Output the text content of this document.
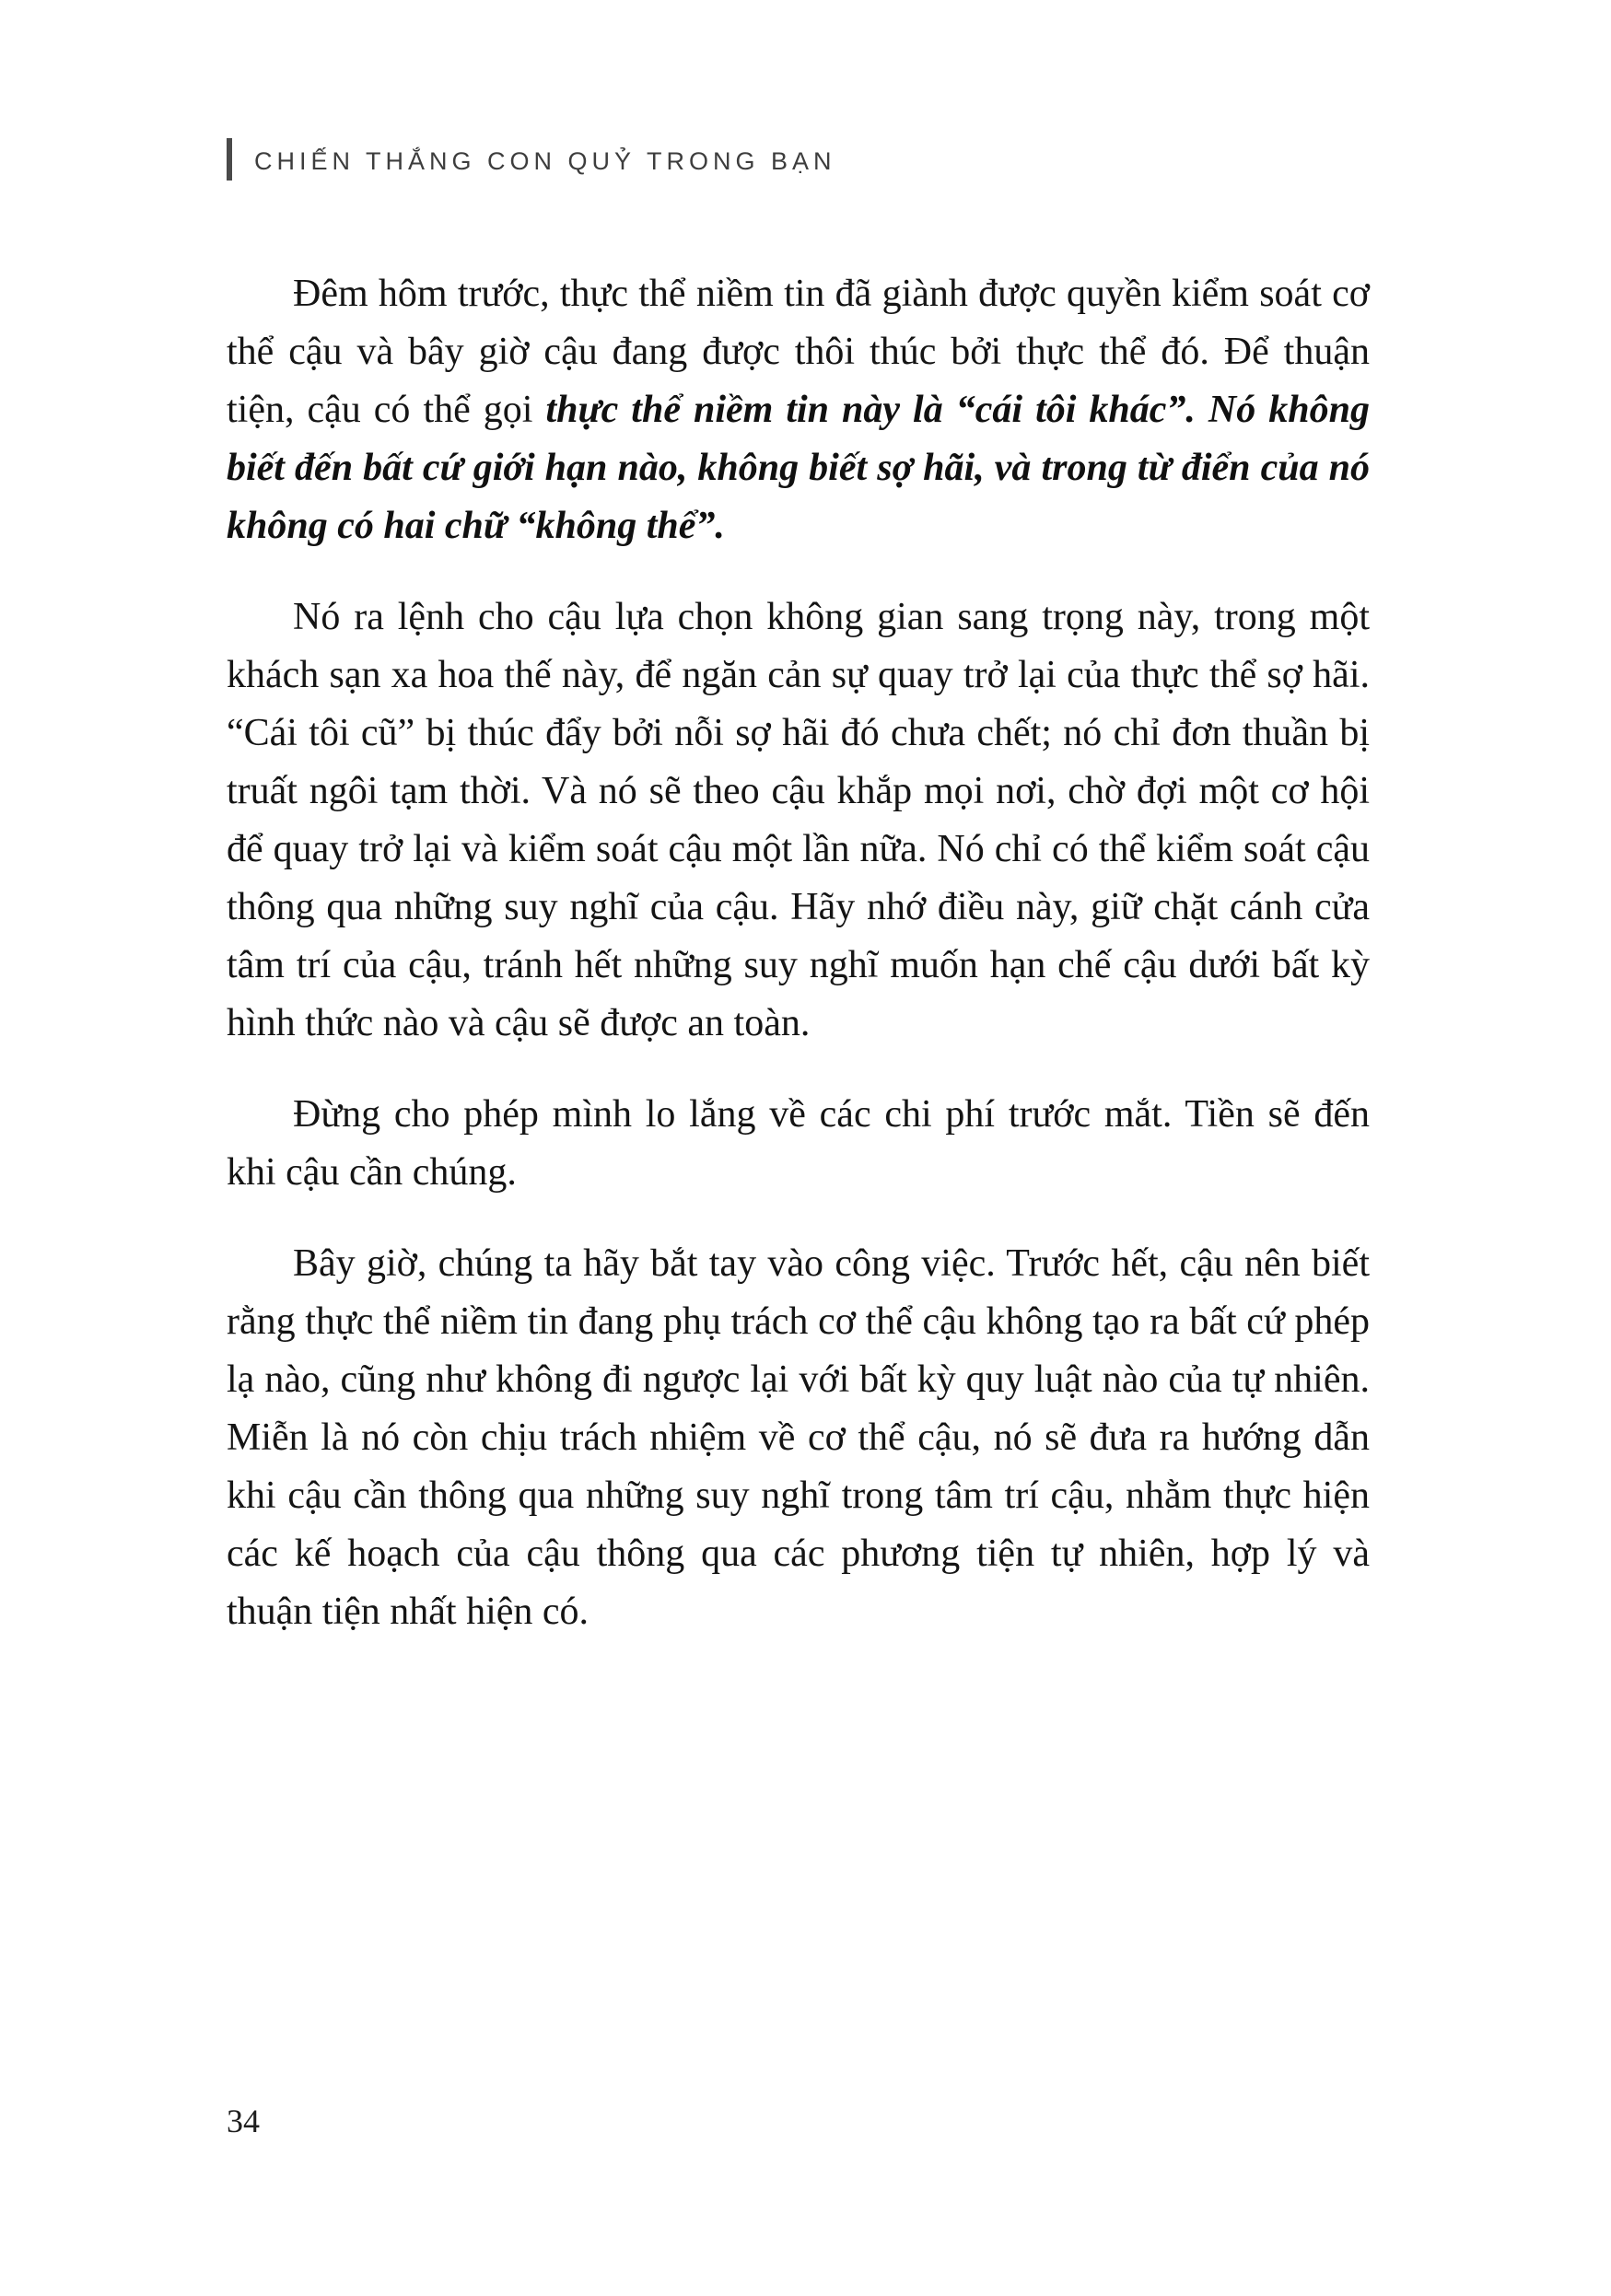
CHIẾN THẮNG CON QUỶ TRONG BẠN

Đêm hôm trước, thực thể niềm tin đã giành được quyền kiểm soát cơ thể cậu và bây giờ cậu đang được thôi thúc bởi thực thể đó. Để thuận tiện, cậu có thể gọi thực thể niềm tin này là “cái tôi khác”. Nó không biết đến bất cứ giới hạn nào, không biết sợ hãi, và trong từ điển của nó không có hai chữ “không thể”.

Nó ra lệnh cho cậu lựa chọn không gian sang trọng này, trong một khách sạn xa hoa thế này, để ngăn cản sự quay trở lại của thực thể sợ hãi. “Cái tôi cũ” bị thúc đẩy bởi nỗi sợ hãi đó chưa chết; nó chỉ đơn thuần bị truất ngôi tạm thời. Và nó sẽ theo cậu khắp mọi nơi, chờ đợi một cơ hội để quay trở lại và kiểm soát cậu một lần nữa. Nó chỉ có thể kiểm soát cậu thông qua những suy nghĩ của cậu. Hãy nhớ điều này, giữ chặt cánh cửa tâm trí của cậu, tránh hết những suy nghĩ muốn hạn chế cậu dưới bất kỳ hình thức nào và cậu sẽ được an toàn.

Đừng cho phép mình lo lắng về các chi phí trước mắt. Tiền sẽ đến khi cậu cần chúng.

Bây giờ, chúng ta hãy bắt tay vào công việc. Trước hết, cậu nên biết rằng thực thể niềm tin đang phụ trách cơ thể cậu không tạo ra bất cứ phép lạ nào, cũng như không đi ngược lại với bất kỳ quy luật nào của tự nhiên. Miễn là nó còn chịu trách nhiệm về cơ thể cậu, nó sẽ đưa ra hướng dẫn khi cậu cần thông qua những suy nghĩ trong tâm trí cậu, nhằm thực hiện các kế hoạch của cậu thông qua các phương tiện tự nhiên, hợp lý và thuận tiện nhất hiện có.

34
